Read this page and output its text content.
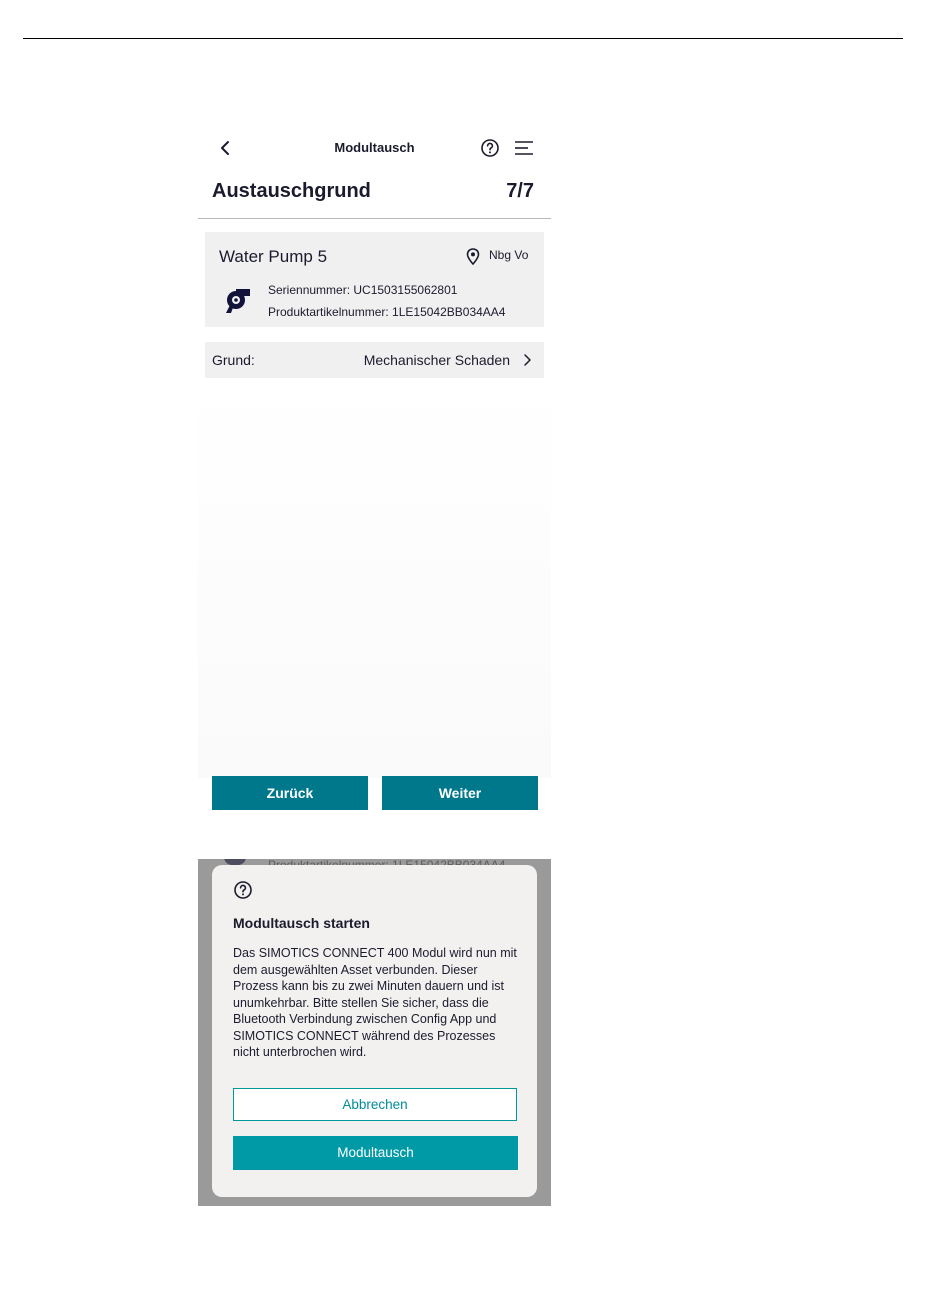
Modultausch
Austauschgrund	7/7
Water Pump 5	Nbg Vo
Seriennummer: UC1503155062801
Produktartikelnummer: 1LE15042BB034AA4
Grund:	Mechanischer Schaden
Zurück	Weiter
Modultausch starten
Das SIMOTICS CONNECT 400 Modul wird nun mit dem ausgewählten Asset verbunden. Dieser Prozess kann bis zu zwei Minuten dauern und ist unumkehrbar. Bitte stellen Sie sicher, dass die Bluetooth Verbindung zwischen Config App und SIMOTICS CONNECT während des Prozesses nicht unterbrochen wird.
Abbrechen
Modultausch
